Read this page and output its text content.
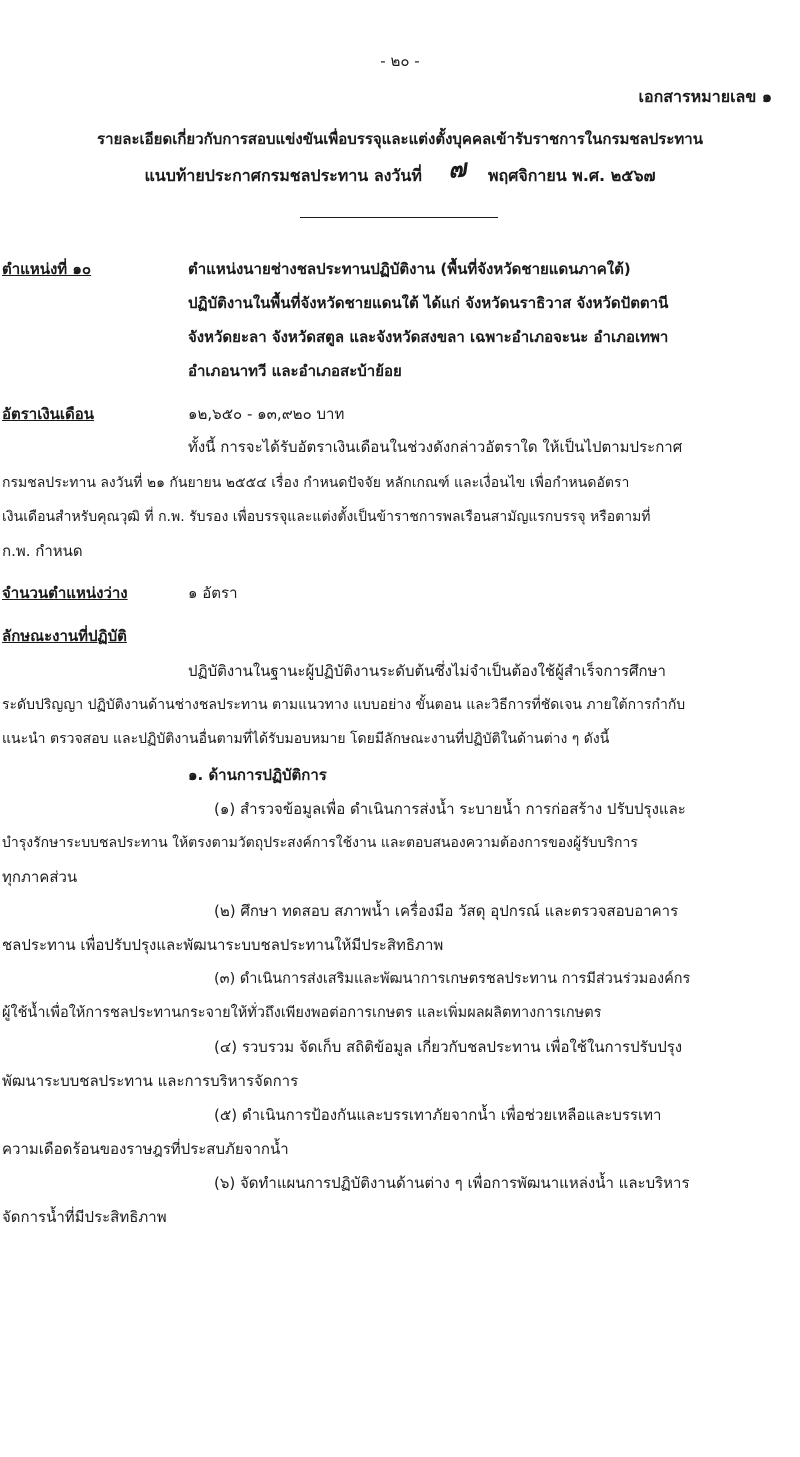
- ๒๐ -
เอกสารหมายเลข ๑
รายละเอียดเกี่ยวกับการสอบแข่งขันเพื่อบรรจุและแต่งตั้งบุคคลเข้ารับราชการในกรมชลประทาน
แนบท้ายประกาศกรมชลประทาน ลงวันที่ ๗ พฤศจิกายน พ.ศ. ๒๕๖๗
ตำแหน่งที่ ๑๐	ตำแหน่งนายช่างชลประทานปฏิบัติงาน (พื้นที่จังหวัดชายแดนภาคใต้)
ปฏิบัติงานในพื้นที่จังหวัดชายแดนใต้ ได้แก่ จังหวัดนราธิวาส จังหวัดปัตตานี
จังหวัดยะลา จังหวัดสตูล และจังหวัดสงขลา เฉพาะอำเภอจะนะ อำเภอเทพา
อำเภอนาทวี และอำเภอสะบ้าย้อย
อัตราเงินเดือน	๑๒,๖๕๐ - ๑๓,๙๒๐ บาท
ทั้งนี้ การจะได้รับอัตราเงินเดือนในช่วงดังกล่าวอัตราใด ให้เป็นไปตามประกาศ
กรมชลประทาน ลงวันที่ ๒๑ กันยายน ๒๕๕๔ เรื่อง กำหนดปัจจัย หลักเกณฑ์ และเงื่อนไข เพื่อกำหนดอัตรา
เงินเดือนสำหรับคุณวุฒิ ที่ ก.พ. รับรอง เพื่อบรรจุและแต่งตั้งเป็นข้าราชการพลเรือนสามัญแรกบรรจุ หรือตามที่
ก.พ. กำหนด
จำนวนตำแหน่งว่าง	๑ อัตรา
ลักษณะงานที่ปฏิบัติ
ปฏิบัติงานในฐานะผู้ปฏิบัติงานระดับต้นซึ่งไม่จำเป็นต้องใช้ผู้สำเร็จการศึกษา
ระดับปริญญา ปฏิบัติงานด้านช่างชลประทาน ตามแนวทาง แบบอย่าง ขั้นตอน และวิธีการที่ชัดเจน ภายใต้การกำกับ
แนะนำ ตรวจสอบ และปฏิบัติงานอื่นตามที่ได้รับมอบหมาย โดยมีลักษณะงานที่ปฏิบัติในด้านต่าง ๆ ดังนี้
๑. ด้านการปฏิบัติการ
(๑) สำรวจข้อมูลเพื่อ ดำเนินการส่งน้ำ ระบายน้ำ การก่อสร้าง ปรับปรุงและ
บำรุงรักษาระบบชลประทาน ให้ตรงตามวัตถุประสงค์การใช้งาน และตอบสนองความต้องการของผู้รับบริการ
ทุกภาคส่วน
(๒) ศึกษา ทดสอบ สภาพน้ำ เครื่องมือ วัสดุ อุปกรณ์ และตรวจสอบอาคาร
ชลประทาน เพื่อปรับปรุงและพัฒนาระบบชลประทานให้มีประสิทธิภาพ
(๓) ดำเนินการส่งเสริมและพัฒนาการเกษตรชลประทาน การมีส่วนร่วมองค์กร
ผู้ใช้น้ำเพื่อให้การชลประทานกระจายให้ทั่วถึงเพียงพอต่อการเกษตร และเพิ่มผลผลิตทางการเกษตร
(๔) รวบรวม จัดเก็บ สถิติข้อมูล เกี่ยวกับชลประทาน เพื่อใช้ในการปรับปรุง
พัฒนาระบบชลประทาน และการบริหารจัดการ
(๕) ดำเนินการป้องกันและบรรเทาภัยจากน้ำ เพื่อช่วยเหลือและบรรเทา
ความเดือดร้อนของราษฎรที่ประสบภัยจากน้ำ
(๖) จัดทำแผนการปฏิบัติงานด้านต่าง ๆ เพื่อการพัฒนาแหล่งน้ำ และบริหาร
จัดการน้ำที่มีประสิทธิภาพ
